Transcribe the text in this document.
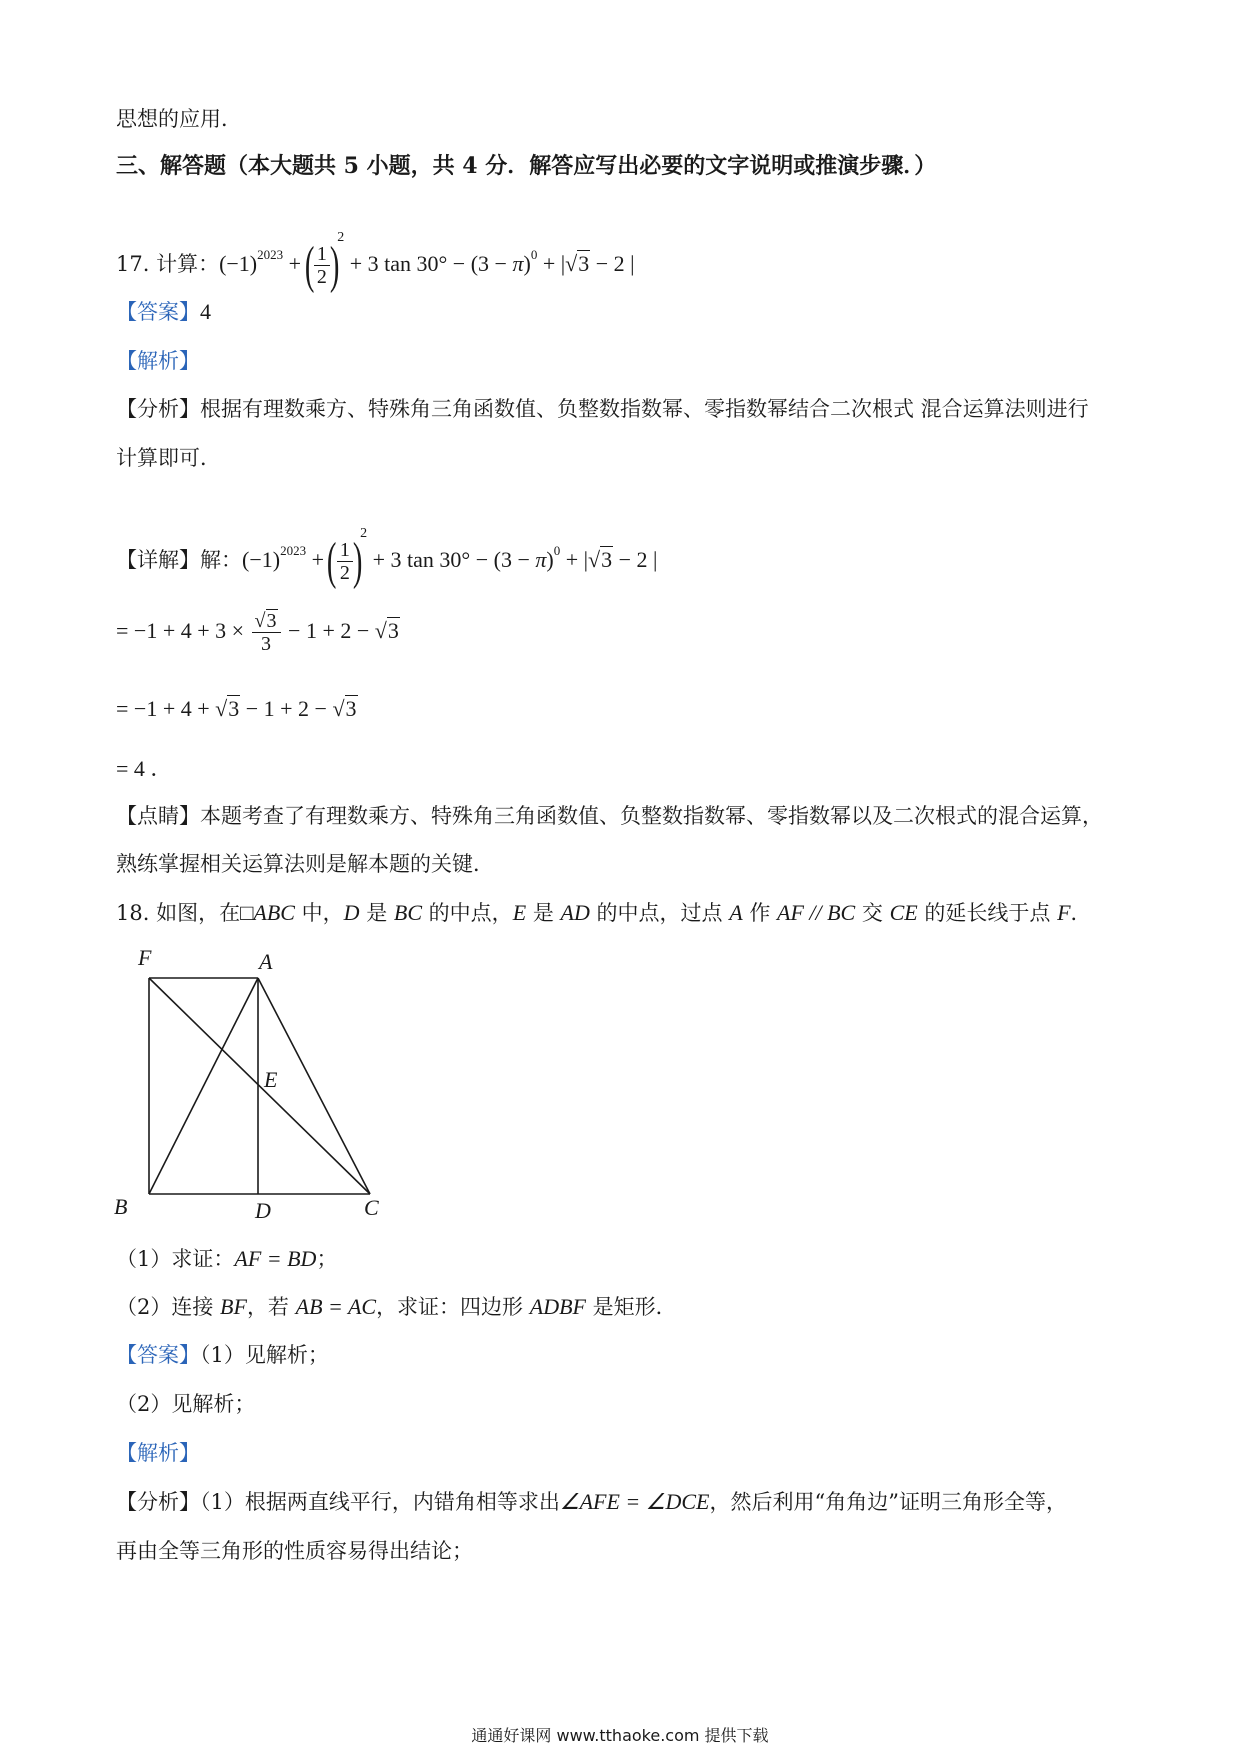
思想的应用．
三、解答题（本大题共 5 小题，共 4 分．解答应写出必要的文字说明或推演步骤．）
17. 计算：$(-1)^{2023}$ + ( $\frac{1}{2} )^2 + 3$ $\tan 30^\circ - (3 - \pi)^0 + |√3 - 2$ |
【答案】4
【解析】
【分析】根据有理数乘方、特殊角三角函数值、负整数指数幂、零指数幂结合二次根式 混合运算法则进行
计算即可．
【详解】解：$(-1)^{2023}$ + ( $\frac{1}{2} )^2 + 3$ $\tan 30^\circ - (3 - \pi)^0 + |√3 - 2$ |
= $-1 + 4 + 3 \times \frac{√3}{3} - 1 + 2 - √3$
= −1 + 4 + √3 − 1 + 2 − √3
= 4 ．
【点睛】本题考查了有理数乘方、特殊角三角函数值、负整数指数幂、零指数幂以及二次根式的混合运算，
熟练掌握相关运算法则是解本题的关键．
18. 如图，在□ABC 中，D 是 BC 的中点，E 是 AD 的中点，过点 A 作 AF // BC 交 CE 的延长线于点 F．
F	A
E
B	D	C
（1）求证：AF = BD；
（2）连接 BF，若 AB = AC，求证：四边形 ADBF 是矩形．
【答案】（1）见解析；
（2）见解析；
【解析】
【分析】（1）根据两直线平行，内错角相等求出∠AFE = ∠DCE，然后利用“角角边”证明三角形全等，
再由全等三角形的性质容易得出结论；
通通好课网 www.tthaoke.com 提供下载
